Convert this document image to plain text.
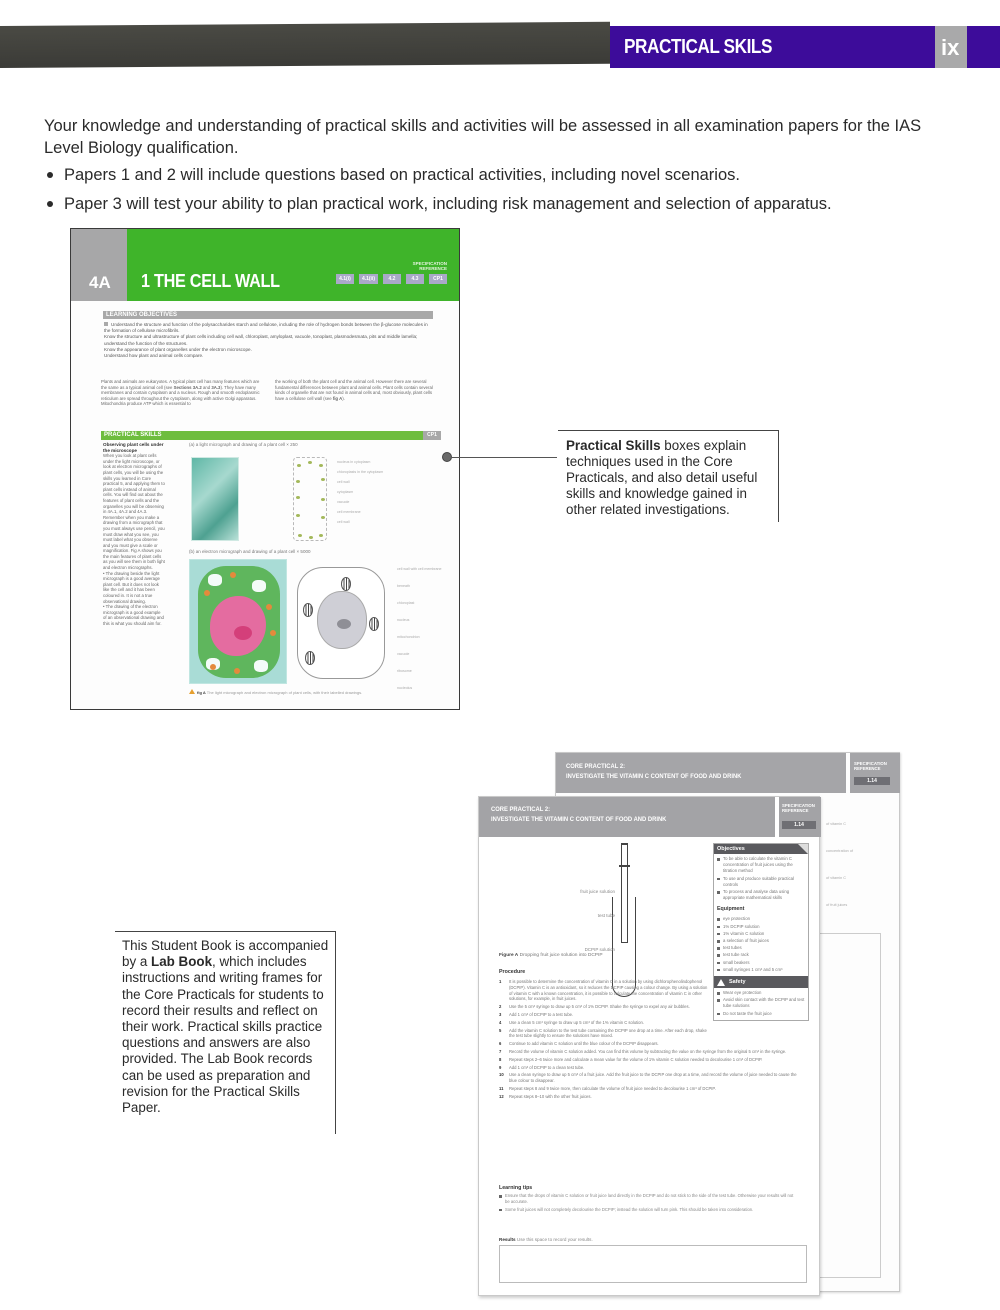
PRACTICAL SKILS	ix

Your knowledge and understanding of practical skills and activities will be assessed in all examination papers for the IAS Level Biology qualification.

Papers 1 and 2 will include questions based on practical activities, including novel scenarios.
Paper 3 will test your ability to plan practical work, including risk management and selection of apparatus.
4A 1 THE CELL WALL
SPECIFICATION REFERENCE
4.1(i)	4.1(ii)	4.2	4.3	CP1
LEARNING OBJECTIVES
Understand the structure and function of the polysaccharides starch and cellulose, including the role of hydrogen bonds between the β-glucose molecules in the formation of cellulose microfibrils.
Know the structure and ultrastructure of plant cells including cell wall, chloroplast, amyloplast, vacuole, tonoplast, plasmodesmata, pits and middle lamella; understand the function of the structures.
Know the appearance of plant organelles under the electron microscope.
Understand how plant and animal cells compare.
Plants and animals are eukaryotes. A typical plant cell has many features which are the same as a typical animal cell (see Sections 3A.2 and 3A.3). They have many membranes and contain cytoplasm and a nucleus. Rough and smooth endoplasmic reticulum are spread throughout the cytoplasm, along with active Golgi apparatus. Mitochondria produce ATP which is essential to
the working of both the plant cell and the animal cell. However there are several fundamental differences between plant and animal cells. Plant cells contain several kinds of organelle that are not found in animal cells and, most obviously, plant cells have a cellulose cell wall (see fig A).
PRACTICAL SKILLS	CP1
Observing plant cells under the microscope

When you look at plant cells under the light microscope, or look at electron micrographs of plant cells, you will be using the skills you learned in Core practical 5, and applying them to plant cells instead of animal cells. You will find out about the features of plant cells and the organelles you will be observing in 4A.1, 4A.2 and 4A.3.

Remember when you make a drawing from a micrograph that you must always use pencil, you must draw what you see, you must label what you observe and you must give a scale or magnification. Fig A shows you the main features of plant cells as you will see them in both light and electron micrographs.

• The drawing beside the light micrograph is a good average plant cell. But it does not look like the cell and it has been coloured in. It is not a true observational drawing.

• The drawing of the electron micrograph is a good example of an observational drawing and this is what you should aim for.

(a) a light micrograph and drawing of a plant cell × 250
nucleus in cytoplasm
chloroplasts in the cytoplasm
cell wall
cytoplasm
vacuole
cell membrane
cell wall
(b) an electron micrograph and drawing of a plant cell × 5000
cell wall with cell membrane beneath
chloroplast
nucleus
mitochondrion
vacuole
ribosome
nucleolus
fig A The light micrograph and electron micrograph of plant cells, with their labelled drawings.
Practical Skills boxes explain techniques used in the Core Practicals, and also detail useful skills and knowledge gained in other related investigations.
This Student Book is accompanied by a Lab Book, which includes instructions and writing frames for the Core Practicals for students to record their results and reflect on their work. Practical skills practice questions and answers are also provided. The Lab Book records can be used as preparation and revision for the Practical Skills Paper.
CORE PRACTICAL 2:
INVESTIGATE THE VITAMIN C CONTENT OF FOOD AND DRINK
SPECIFICATION REFERENCE
1.14
of vitamin C
concentration of
of vitamin C
of fruit juices
CORE PRACTICAL 2:
INVESTIGATE THE VITAMIN C CONTENT OF FOOD AND DRINK
SPECIFICATION REFERENCE
1.14
fruit juice solution
test tube
DCPIP solution
Figure A Dropping fruit juice solution into DCPIP
Objectives
To be able to calculate the vitamin C concentration of fruit juices using the titration method
To use and produce suitable practical controls
To process and analyse data using appropriate mathematical skills
Equipment
eye protection
1% DCPIP solution
1% vitamin C solution
a selection of fruit juices
test tubes
test tube rack
small beakers
small syringes 1 cm³ and 5 cm³
Safety
Wear eye protection
Avoid skin contact with the DCPIP and test tube solutions
Do not taste the fruit juice
Procedure
1 It is possible to determine the concentration of vitamin C in a solution by using dichlorophenolindophenol (DCPIP). Vitamin C is an antioxidant, so it reduces the DCPIP causing a colour change. By using a solution of vitamin C with a known concentration, it is possible to calculate the concentration of vitamin C in other solutions, for example, in fruit juices.
2 Use the 5 cm³ syringe to draw up 5 cm³ of 1% DCPIP. Shake the syringe to expel any air bubbles.
3 Add 1 cm³ of DCPIP to a test tube.
4 Use a clean 5 cm³ syringe to draw up 5 cm³ of the 1% vitamin C solution.
5 Add the vitamin C solution to the test tube containing the DCPIP one drop at a time. After each drop, shake the test tube slightly to ensure the solutions have mixed.
6 Continue to add vitamin C solution until the blue colour of the DCPIP disappears.
7 Record the volume of vitamin C solution added. You can find this volume by subtracting the value on the syringe from the original 5 cm³ in the syringe.
8 Repeat steps 2–6 twice more and calculate a mean value for the volume of 1% vitamin C solution needed to decolourise 1 cm³ of DCPIP.
9 Add 1 cm³ of DCPIP to a clean test tube.
10 Use a clean syringe to draw up 5 cm³ of a fruit juice. Add the fruit juice to the DCPIP one drop at a time, and record the volume of juice needed to cause the blue colour to disappear.
11 Repeat steps 8 and 9 twice more, then calculate the volume of fruit juice needed to decolourise 1 cm³ of DCPIP.
12 Repeat steps 8–10 with the other fruit juices.
Learning tips
Ensure that the drops of vitamin C solution or fruit juice land directly in the DCPIP and do not stick to the side of the test tube. Otherwise your results will not be accurate.
Some fruit juices will not completely decolourise the DCPIP; instead the solution will turn pink. This should be taken into consideration.
Results Use this space to record your results.
